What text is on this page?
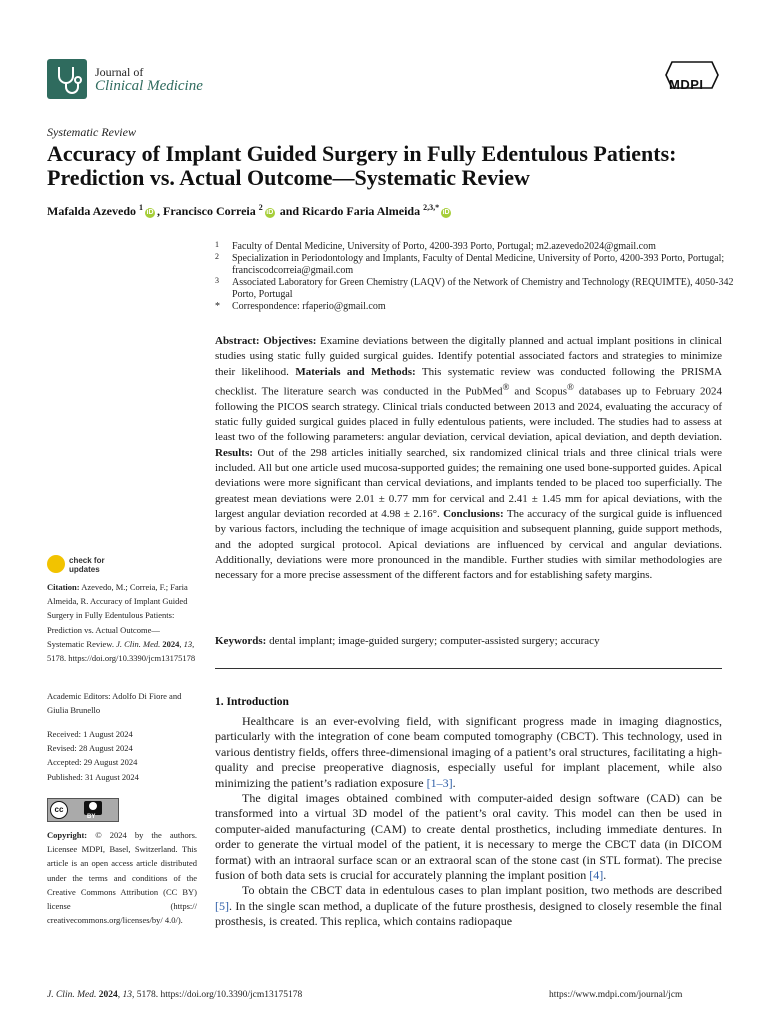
Journal of
Clinical Medicine	MDPI
Systematic Review
Accuracy of Implant Guided Surgery in Fully Edentulous Patients: Prediction vs. Actual Outcome—Systematic Review
Mafalda Azevedo $^1$iD , Francisco Correia $^2$iD and Ricardo Faria Almeida $^{2,3,*}$iD
1 Faculty of Dental Medicine, University of Porto, 4200-393 Porto, Portugal; m2.azevedo2024@gmail.com
2 Specialization in Periodontology and Implants, Faculty of Dental Medicine, University of Porto, 4200-393 Porto, Portugal; franciscodcorreia@gmail.com
3 Associated Laboratory for Green Chemistry (LAQV) of the Network of Chemistry and Technology (REQUIMTE), 4050-342 Porto, Portugal
* Correspondence: rfaperio@gmail.com
Abstract: Objectives: Examine deviations between the digitally planned and actual implant positions in clinical studies using static fully guided surgical guides. Identify potential associated factors and strategies to minimize their likelihood. Materials and Methods: This systematic review was conducted following the PRISMA checklist. The literature search was conducted in the PubMed® and Scopus® databases up to February 2024 following the PICOS search strategy. Clinical trials conducted between 2013 and 2024, evaluating the accuracy of static fully guided surgical guides placed in fully edentulous patients, were included. The studies had to assess at least two of the following parameters: angular deviation, cervical deviation, apical deviation, and depth deviation. Results: Out of the 298 articles initially searched, six randomized clinical trials and three clinical trials were included. All but one article used mucosa-supported guides; the remaining one used bone-supported guides. Apical deviations were more significant than cervical deviations, and implants tended to be placed too superficially. The greatest mean deviations were 2.01 ± 0.77 mm for cervical and 2.41 ± 1.45 mm for apical deviations, with the largest angular deviation recorded at 4.98 ± 2.16°. Conclusions: The accuracy of the surgical guide is influenced by various factors, including the technique of image acquisition and subsequent planning, guide support methods, and the adopted surgical protocol. Apical deviations are influenced by cervical and angular deviations. Additionally, deviations were more pronounced in the mandible. Further studies with similar methodologies are necessary for a more precise assessment of the different factors and for establishing safety margins.
Keywords: dental implant; image-guided surgery; computer-assisted surgery; accuracy
check for
updates
Citation: Azevedo, M.; Correia, F.; Faria Almeida, R. Accuracy of Implant Guided Surgery in Fully Edentulous Patients: Prediction vs. Actual Outcome—Systematic Review. J. Clin. Med. 2024, 13, 5178. https://doi.org/10.3390/jcm13175178
Academic Editors: Adolfo Di Fiore and Giulia Brunello
Received: 1 August 2024
Revised: 28 August 2024
Accepted: 29 August 2024
Published: 31 August 2024
cc
BY
Copyright: © 2024 by the authors. Licensee MDPI, Basel, Switzerland. This article is an open access article distributed under the terms and conditions of the Creative Commons Attribution (CC BY) license (https:// creativecommons.org/licenses/by/ 4.0/).
1. Introduction

Healthcare is an ever-evolving field, with significant progress made in imaging diagnostics, particularly with the integration of cone beam computed tomography (CBCT). This technology, used in various dentistry fields, offers three-dimensional imaging of a patient’s oral structures, facilitating a high-quality and precise preoperative diagnosis, especially useful for implant placement, while also minimizing the patient’s radiation exposure [1–3].

The digital images obtained combined with computer-aided design software (CAD) can be transformed into a virtual 3D model of the patient’s oral cavity. This model can then be used in computer-aided manufacturing (CAM) to create dental prosthetics, including immediate dentures. In order to generate the virtual model of the patient, it is necessary to merge the CBCT data (in DICOM format) with an intraoral surface scan or an extraoral scan of the stone cast (in STL format). The precise fusion of both data sets is crucial for accurately planning the implant position [4].

To obtain the CBCT data in edentulous cases to plan implant position, two methods are described [5]. In the single scan method, a duplicate of the future prosthesis, designed to closely resemble the final prosthesis, is created. This replica, which contains radiopaque

J. Clin. Med. 2024, 13, 5178. https://doi.org/10.3390/jcm13175178	https://www.mdpi.com/journal/jcm
